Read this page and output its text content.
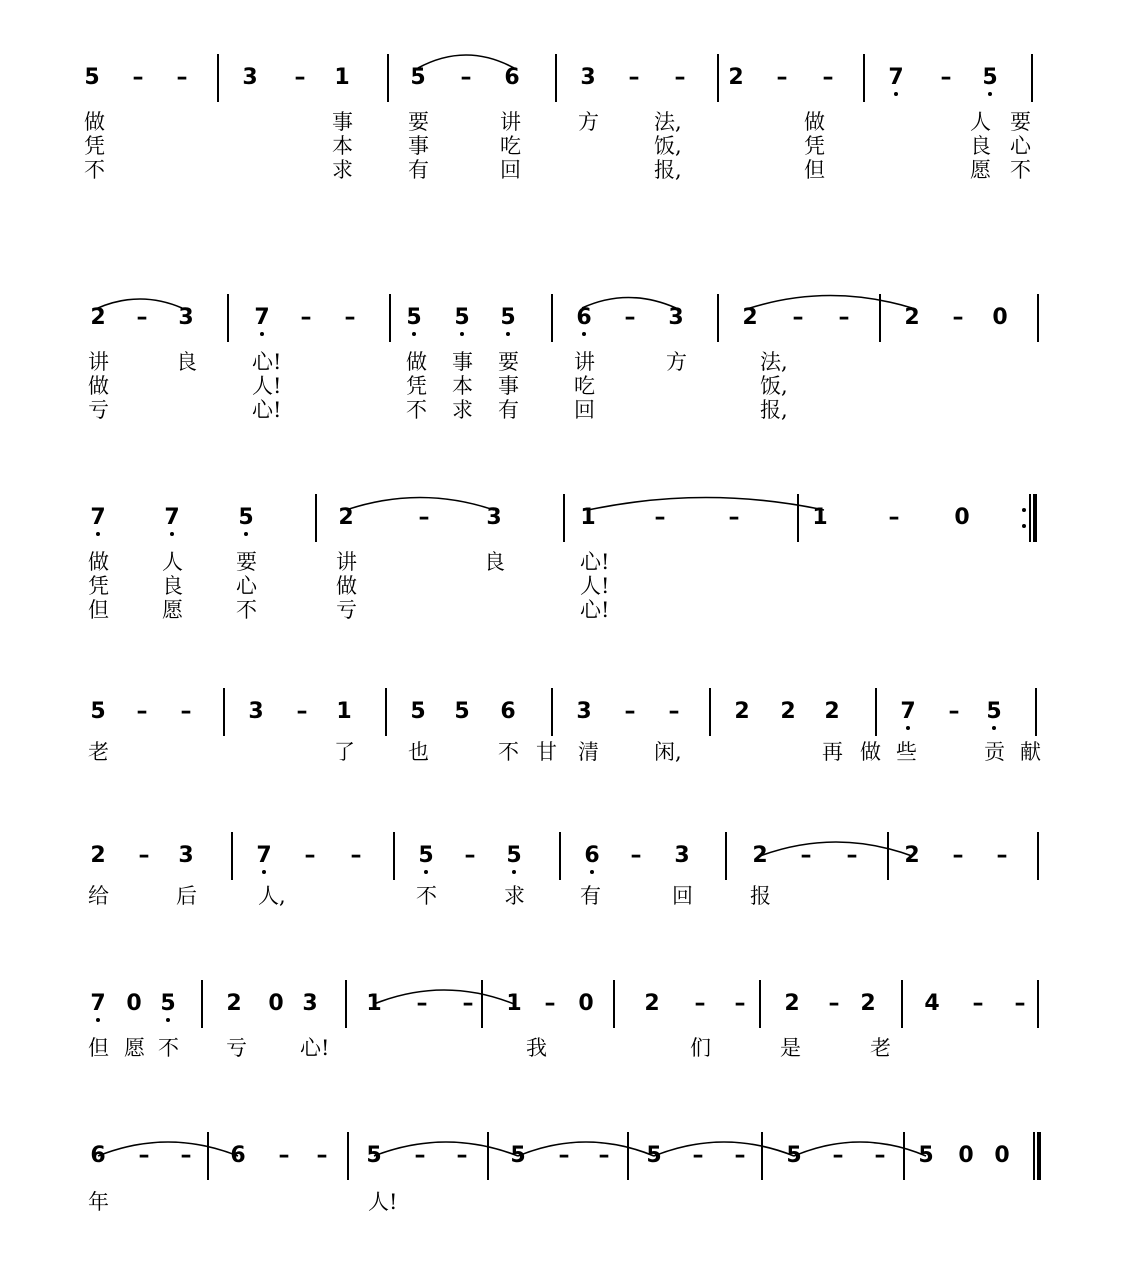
5 – – 3 – 1	5 – 6	3 – – 2 – – 7 – 5
做	事	要	讲	方	法,	做	人 要
凭	本	事	吃	饭,	凭	良 心
不	求	有	回	报,	但	愿 不
2 – 3	7 – – 5 5 5	6 – 3	2 – – 2 – 0
讲	良	心!	做 事 要	讲	方	法,
做	人!	凭 本 事	吃	饭,
亏	心!	不 求 有	回	报,
7	7	5	2	–	3	1	–	–	1	– 0
做	人	要	讲	良	心!
凭	良	心	做	人!
但	愿	不	亏	心!
5 – –	3 – 1	5 5 6	3 – – 2 2 2	7 – 5
老	了	也	不 甘 清	闲,	再 做 些	贡 献
2 – 3	7 – –	5 – 5	6 – 3	2 – – 2 – –
给	后	人,	不	求	有	回	报
7 0 5 2 0 3 1 – – 1 – 0 2 – – 2 – 2 4 – –
但 愿 不 亏	心!	我	们	是	老
6 – – 6 – – 5 – – 5 – – 5 – – 5 – – 5 0 0
年	人!
